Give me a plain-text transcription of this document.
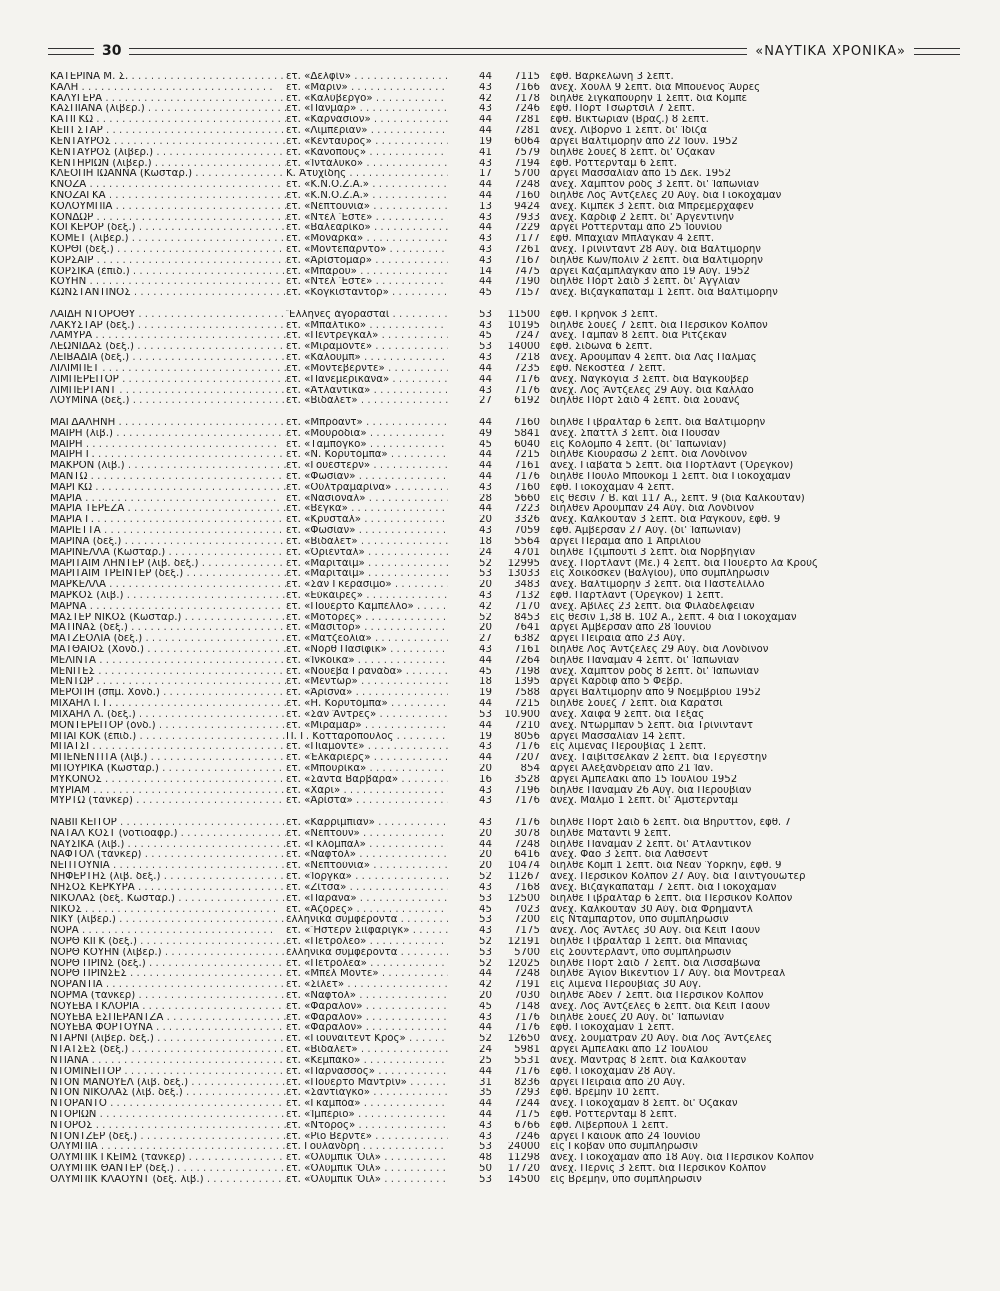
30	«ΝΑΥΤΙΚΑ ΧΡΟΝΙΚΑ»
ΚΑΤΕΡΙΝΑ Μ. Σ. . . .	ετ. «Δελφὶν» . . .	44	7115 ἐφθ. Βαρκελώνη 3 Σεπτ.
ΚΑΛΗ . . .	ετ. «Μάριν» . . .	43	7166 ἀνεχ. Χούλλ 9 Σεπτ. διὰ Μπουένος Ἄϋρες
ΚΑΛΥΓΕΡΑ . . .	ετ. «Καλύβεργο» . . .	42	7178 διῆλθε Σιγκαπούρην 1 Σεπτ. διὰ Κόμπε
ΚΑΣΠΙΑΝΑ (λιβερ.) . . .	ετ. «Πανμάρ» . . .	43	7246 ἐφθ. Πόρτ Τσώρτσιλ 7 Σεπτ.
ΚΑΤΙΓΚΩ . . .	ετ. «Καρνάσιον» . . .	44	7281 ἐφθ. Βικτώριαν (Βραζ.) 8 Σεπτ.
ΚΕΙΠ ΣΤΑΡ . . .	ετ. «Λιμπέριαν» . . .	44	7281 ἀνεχ. Λιβόρνο 1 Σεπτ. δι' Ἰδίζα
ΚΕΝΤΑΥΡΟΣ . . .	ετ. «Κένταυρος» . . .	19	6064 ἀργεῖ Βαλτιμόρην ἀπὸ 22 Ἰουν. 1952
ΚΕΝΤΑΥΡΟΣ (λιβερ.) . . .	ετ. «Κάνοπους» . . .	41	7579 διῆλθε Σουὲζ 8 Σεπτ. δι' Ὀζάκαν
ΚΕΝΤΗΡΙΩΝ (λιβερ.) . . .	ετ. «Ἰντάλυκο» . . .	43	7194 ἐφθ. Ρόττερνταμ 6 Σεπτ.
ΚΛΕΟΠΗ ΙΩΑΝΝΑ (Κωσταρ.) . . .	Κ. Ἀτυχίδης . . .	17	5700 ἀργεῖ Μασσαλίαν ἀπὸ 15 Δεκ. 1952
ΚΝΟΖΑ . . .	ετ. «Κ.Ν.Ο.Ζ.Α.» . . .	44	7248 ἀνεχ. Χάμπτον ρόδς 3 Σεπτ. δι' Ἰαπωνίαν
ΚΝΟΖΑΓΚΑ . . .	ετ. «Κ.Ν.Ο.Ζ.Α.» . . .	44	7160 διῆλθε Λὸς Ἄντζελες 20 Αὐγ. διὰ Γιοκοχάμαν
ΚΟΛΟΥΜΠΙΑ . . .	ετ. «Νέπτουνια» . . .	13	9424 ἀνεχ. Κιμπὲκ 3 Σεπτ. διὰ Μπρεμερχάφεν
ΚΟΝΔΩΡ . . .	ετ. «Ντὲλ Ἔστε» . . .	43	7933 ἀνεχ. Κάρδιφ 2 Σεπτ. δι' Ἀργεντινὴν
ΚΟΓΚΕΡΟΡ (δεξ.) . . .	ετ. «Βαλεαρίκο» . . .	44	7229 ἀργεῖ Ρόττερνταμ ἀπὸ 25 Ἰουνίου
ΚΟΜΕΤ (λιβερ.) . . .	ετ. «Μονάρκα» . . .	43	7177 ἐφθ. Μπάχιαν Μπλάγκαν 4 Σεπτ.
ΚΟΡΘΙ (δεξ.) . . .	ετ. «Μοντεπάρντο» . . .	43	7261 ἀνεχ. Τρίνινταντ 28 Αὐγ. διὰ Βαλτιμόρην
ΚΟΡΣΑΙΡ . . .	ετ. «Ἀρίστομαρ» . . .	43	7167 διῆλθε Κων/πολιν 2 Σεπτ. διὰ Βαλτιμόρην
ΚΟΡΣΙΚΑ (ἑπιδ.) . . .	ετ. «Μπάρου» . . .	14	7475 ἀργεῖ Καζαμπλάγκαν ἀπὸ 19 Αὐγ. 1952
ΚΟΥΗΝ . . .	ετ. «Ντὲλ Ἔστε» . . .	44	7190 διῆλθε Πὸρτ Σαῒδ 3 Σεπτ. δι' Ἀγγλίαν
ΚΩΝΣΤΑΝΤΙΝΟΣ . . .	ετ. «Κογκισταντὸρ» . . .	45	7157 ἀνεχ. Βιζαγκαπατὰμ 1 Σεπτ. διὰ Βαλτιμόρην
ΛΑΙΔΗ ΝΤΟΡΟΘΥ . . .	Ἕλληνες ἀγορασταὶ . . .	53	11500 ἐφθ. Γκρῆνοκ 3 Σεπτ.
ΛΑΚΥΣΤΑΡ (δεξ.) . . .	ετ. «Μπάλτικο» . . .	43	10195 διῆλθε Σουὲζ 7 Σεπτ. διὰ Περσικὸν Κόλπον
ΛΑΜΥΡΑ . . .	ετ. «Πέντρεγκαλ» . . .	45	7247 ἀνεχ. Τάμπαν 8 Σεπτ. διὰ Ρϊτζέκαν
ΛΕΩΝΙΔΑΣ (δεξ.) . . .	ετ. «Μιραμόντε» . . .	53	14000 ἐφθ. Σιδώνα 6 Σεπτ.
ΛΕΙΒΑΔΙΑ (δεξ.) . . .	ετ. «Κάλουμπ» . . .	43	7218 ἀνεχ. Ἀρούμπαν 4 Σεπτ. διὰ Λὰς Πάλμας
ΛΙΛΙΜΠΕΤ . . .	ετ. «Μοντεβέρντε» . . .	44	7235 ἐφθ. Νεκοστέα 7 Σεπτ.
ΛΙΜΠΕΡΕΙΤΟΡ . . .	ετ. «Πανεμερικάνα» . . .	44	7176 ἀνεχ. Ναγκόγια 3 Σεπτ. διὰ Βαγκούβερ
ΛΙΜΠΕΡΤΑΝΤ . . .	ετ. «Ἀτλάντικα» . . .	43	7176 ἀνεχ. Λὸς Ἄντζελες 29 Αὐγ. διὰ Καλλάο
ΛΟΥΜΙΝΑ (δεξ.) . . .	ετ. «Βιδάλετ» . . .	27	6192 διῆλθε Πὸρτ Σαῒδ 4 Σεπτ. διὰ Σουάνζ
ΜΑΓΔΑΛΗΝΗ . . .	ετ. «Μπρόαντ» . . .	44	7160 διῆλθε Γιβραλτὰρ 6 Σεπτ. διὰ Βαλτιμόρην
ΜΑΙΡΗ (λιβ.) . . .	ετ. «Μουρόδια» . . .	49	5841 ἀνεχ. Σπάττλ 3 Σεπτ. διὰ Πουσάν
ΜΑΙΡΗ . . .	ετ. «Ταμπόγκο» . . .	45	6040 εἰς Κολόμπο 4 Σεπτ. (δι' Ἰαπωνίαν)
ΜΑΙΡΗ Γ. . . .	ετ. «Ν. Κορυτόμπα» . . .	44	7215 διῆλθε Κιουρασὼ 2 Σεπτ. διὰ Λονδῖνον
ΜΑΚΡΟΝ (λιβ.) . . .	ετ. «Γουέστερν» . . .	44	7161 ἀνεχ. Γιαβάτα 5 Σεπτ. διὰ Πόρτλαντ (Ὄρεγκον)
ΜΑΝΤΩ . . .	ετ. «Φωσίαν» . . .	44	7176 διῆλθε Πούλο Μπούκομ 1 Σεπτ. διὰ Γιοκοχάμαν
ΜΑΡΓΚΩ . . .	ετ. «Οὐλτραμαρίνα» . . .	43	7160 ἐφθ. Γιοκοχάμαν 4 Σεπτ.
ΜΑΡΙΑ . . .	ετ. «Νάσιοναλ» . . .	28	5660 εἰς θέσιν 7 Β. καὶ 117 Α., Σεπτ. 9 (διὰ Καλκούταν)
ΜΑΡΙΑ ΤΕΡΕΖΑ . . .	ετ. «Βέγκα» . . .	44	7223 διῆλθεν Ἀρούμπαν 24 Αὐγ. διὰ Λονδῖνον
ΜΑΡΙΑ Γ. . . .	ετ. «Κρυστάλ» . . .	20	3326 ἀνεχ. Καλκούταν 3 Σεπτ. διὰ Ραγκοὺν, ἐφθ. 9
ΜΑΡΙΕΤΤΑ . . .	ετ. «Φωσίαν» . . .	43	7059 ἐφθ. Ἀμβέρσαν 27 Αὐγ. (δι' Ἰαπωνίαν)
ΜΑΡΙΝΑ (δεξ.) . . .	ετ. «Βιδάλετ» . . .	18	5564 ἀργεῖ Πέραμα ἀπὸ 1 Ἀπριλίου
ΜΑΡΙΝΕΛΛΑ (Κωσταρ.) . . .	ετ. «Ὀριένταλ» . . .	24	4701 διῆλθε Τζιμπουτὶ 3 Σεπτ. διὰ Νορβηγίαν
ΜΑΡΙΤΑΙΜ ΛΗΝΤΕΡ (λιβ. δεξ.) . . .	ετ. «Μαριτάιμ» . . .	52	12995 ἀνεχ. Πόρτλαντ (Με.) 4 Σεπτ. διὰ Πουέρτο λὰ Κρούζ
ΜΑΡΙΤΑΙΜ ΤΡΕΙΝΤΕΡ (δεξ.) . . .	ετ. «Μαριτάιμ» . . .	53	13033 εἰς Χοϊκόσκεν (Βαλγίου), ὑπὸ συμπλήρωσιν
ΜΑΡΚΕΛΛΑ . . .	ετ. «Σὰν Γκεράσιμο» . . .	20	3483 ἀνεχ. Βαλτιμόρην 3 Σεπτ. διὰ Παστελίλλο
ΜΑΡΚΟΣ (λιβ.) . . .	ετ. «Εὐκάιρες» . . .	43	7132 ἐφθ. Πάρτλαντ (Ὄρεγκον) 1 Σεπτ.
ΜΑΡΝΑ . . .	ετ. «Πουέρτο Καμπέλλο» . . .	42	7170 ἀνεχ. Ἀβίλες 23 Σεπτ. διὰ Φιλαδέλφειαν
ΜΑΣΤΕΡ ΝΙΚΟΣ (Κωσταρ.) . . .	ετ. «Μοτόρες» . . .	52	8453 εἰς θέσιν 1,38 Β. 102 Α., Σεπτ. 4 διὰ Γιοκοχάμαν
ΜΑΤΙΝΑΣ (δεξ.) . . .	ετ. «Μάσιτορ» . . .	20	7641 ἀργεῖ Ἀμβέρσαν ἀπὸ 28 Ἰουνίου
ΜΑΤΖΕΟΛΙΑ (δεξ.) . . .	ετ. «Ματζεόλια» . . .	27	6382 ἀργεῖ Πειραιᾶ ἀπὸ 23 Αὐγ.
ΜΑΤΘΑΙΟΣ (Χονδ.) . . .	ετ. «Νὸρθ Πασίφικ» . . .	43	7161 διῆλθε Λὸς Ἄντζελες 29 Αὐγ. διὰ Λονδῖνον
ΜΕΛΙΝΤΑ . . .	ετ. «Ἰνκόϊκα» . . .	44	7264 διῆλθε Παναμὰν 4 Σεπτ. δι' Ἰαπωνίαν
ΜΕΝΙΤΕΣ . . .	ετ. «Νουέβα Γρανάδα» . . .	45	7198 ἀνεχ. Χάμπτον ρόδς 8 Σεπτ. δι' Ἰαπωνίαν
ΜΕΝΤΩΡ . . .	ετ. «Μέντωρ» . . .	18	1395 ἀργεῖ Κάρδιφ ἀπὸ 5 Φεβρ.
ΜΕΡΟΠΗ (σπμ. Χονδ.) . . .	ετ. «Ἀρίσνα» . . .	19	7588 ἀργεῖ Βαλτιμόρην ἀπὸ 9 Νοεμβρίου 1952
ΜΙΧΑΗΛ Ι. Γ. . . .	ετ. «Η. Κορυτόμπα» . . .	44	7215 διῆλθε Σουὲζ 7 Σεπτ. διὰ Καράτσι
ΜΙΧΑΗΛ Λ. (δεξ.) . . .	ετ. «Σὰν Ἄντρες» . . .	53	10.900 ἀνεχ. Χαϊφὰ 9 Σεπτ. διὰ Τέξας
ΜΟΝΤΕΡΕΙΤΟΡ (ὁνδ.) . . .	ετ. «Μιραμάρ» . . .	44	7210 ἀνεχ. Ντώρμπαν 5 Σεπτ. διὰ Τρίνινταντ
ΜΠΑΓΚΟΚ (ἑπιδ.) . . .	Π. Γ. Κοτταρόπουλος . . .	19	8056 ἀργεῖ Μασσαλίαν 14 Σεπτ.
ΜΠΑΤΣΙ . . .	ετ. «Πιαμόντε» . . .	43	7176 εἰς λιμένας Περουβίας 1 Σεπτ.
ΜΠΕΝΕΝΤΙΤΑ (λιβ.) . . .	ετ. «Ἐλκάριερς» . . .	44	7207 ἀνεχ. Ταϊβιτσέλκαν 2 Σεπτ. διὰ Τεργέστην
ΜΠΟΥΡΙΚΑ (Κωσταρ.) . . .	ετ. «Μπουρίκα» . . .	20	854 ἀργεῖ Ἀλεξάνδρειαν ἀπὸ 21 Ἰαν.
ΜΥΚΟΝΟΣ . . .	ετ. «Σάντα Βαρβάρα» . . .	16	3528 ἀργεῖ Ἀμπελάκι ἀπὸ 15 Ἰουλίου 1952
ΜΥΡΙΑΜ . . .	ετ. «Χάρι» . . .	43	7196 διῆλθε Παναμὰν 26 Αὐγ. διὰ Περουβίαν
ΜΥΡΤΩ (τάνκερ) . . .	ετ. «Ἀρίστα» . . .	43	7176 ἀνεχ. Μάλμο 1 Σεπτ. δι' Ἄμστερνταμ
ΝΑΒΙΓΚΕΙΤΟΡ . . .	ετ. «Καρριμπιαν» . . .	43	7176 διῆλθε Πὸρτ Σαῒδ 6 Σεπτ. διὰ Βηρυττόν, ἐφθ. 7
ΝΑΤΑΛ ΚΟΣΤ (νοτιοαφρ.) . . .	ετ. «Νέπτουν» . . .	20	3078 διῆλθε Ματάντι 9 Σεπτ.
ΝΑΥΣΙΚΑ (λιβ.) . . .	ετ. «Γκλόμπαλ» . . .	44	7248 διῆλθε Παναμὰν 2 Σεπτ. δι' Ἀτλαντικὸν
ΝΑΦΤΟΛ (τάνκερ) . . .	ετ. «Ναφτόλ» . . .	20	6416 ἀνεχ. Φάο 3 Σεπτ. διὰ Λάθσεντ
ΝΕΠΤΟΥΝΙΑ . . .	ετ. «Νεπτούνια» . . .	20	10474 διῆλθε Κόμπ 1 Σεπτ. διὰ Νέαν Ὑόρκην, ἐφθ. 9
ΝΗΦΕΡΤΗΣ (λιβ. δεξ.) . . .	ετ. «Ἰόργκα» . . .	52	11267 ἀνεχ. Περσικὸν Κόλπον 27 Αὐγ. διὰ Ταϊντγουώτερ
ΝΗΣΟΣ ΚΕΡΚΥΡΑ . . .	ετ. «Ζίτσα» . . .	43	7168 ἀνεχ. Βιζαγκαπατὰμ 7 Σεπτ. διὰ Γιοκοχάμαν
ΝΙΚΟΛΑΣ (δεξ. Κωσταρ.) . . .	ετ. «Παράνα» . . .	53	12500 διῆλθε Γιβραλτὰρ 6 Σεπτ. διὰ Περσικὸν Κόλπον
ΝΙΚΟΣ . . .	ετ. «Ἀζόρες» . . .	45	7023 ἀνεχ. Καλκούταν 30 Αὐγ. διὰ Φρῆμαντλ
ΝΙΚΥ (λιβερ.) . . .	ἑλληνικὰ συμφέροντα . . .	53	7200 εἰς Ντάμπαρτον, ὑπὸ συμπλήρωσιν
ΝΟΡΑ . . .	ετ. «Ἥστερν Σϊίφαριγκ» . . .	43	7175 ἀνεχ. Λὸς Ἄντλες 30 Αὐγ. διὰ Κέϊπ Τάουν
ΝΟΡΘ ΚΙΓΚ (δεξ.) . . .	ετ. «Πετρόλεο» . . .	52	12191 διῆλθε Γιβραλτὰρ 1 Σεπτ. διὰ Μπάνιας
ΝΟΡΘ ΚΟΥΗΝ (λιβερ.) . . .	ἑλληνικὰ συμφέροντα . . .	53	5700 εἰς Σούντερλαντ, ὑπὸ συμπλήρωσιν
ΝΟΡΘ ΠΡΙΝΣ (δεξ.) . . .	ετ. «Πετρόλεα» . . .	52	12025 διῆλθε Πὸρτ Σαῒδ 7 Σεπτ. διὰ Λισσαβῶνα
ΝΟΡΘ ΠΡΙΝΣΕΣ . . .	ετ. «Μπὲλ Μόντε» . . .	44	7248 διῆλθε Ἅγιον Βικέντιον 17 Αὐγ. διὰ Μόντρεαλ
ΝΟΡΑΝΤΙΑ . . .	ετ. «Σίλετ» . . .	42	7191 εἰς λιμένα Περουβίας 30 Αὐγ.
ΝΟΡΜΑ (τάνκερ) . . .	ετ. «Ναφτόλ» . . .	20	7030 διῆλθε Ἄδεν 7 Σεπτ. διὰ Περσικὸν Κόλπον
ΝΟΥΕΒΑ ΓΚΛΟΡΙΑ . . .	ετ. «Φάραλον» . . .	45	7148 ἀνεχ. Λὸς Ἄντζελες 6 Σεπτ. διὰ Κέϊπ Τάουν
ΝΟΥΕΒΑ ΕΣΠΕΡΑΝΤΖΑ . . .	ετ. «Φάραλον» . . .	43	7176 διῆλθε Σουὲζ 20 Αὐγ. δι' Ἰαπωνίαν
ΝΟΥΕΒΑ ΦΟΡΤΟΥΝΑ . . .	ετ. «Φάραλον» . . .	44	7176 ἐφθ. Γιοκοχάμαν 1 Σεπτ.
ΝΤΑΡΝΙ (λιβερ. δεξ.) . . .	ετ. «Γιουνάϊτεντ Κρὸς» . . .	52	12650 ἀνεχ. Σουμάτραν 20 Αὐγ. διὰ Λὸς Ἄντζελες
ΝΤΑΤΣΕΣ (δεξ.) . . .	ετ. «Βιδάλετ» . . .	24	5981 ἀργεῖ Ἀμπελάκι ἀπὸ 12 Ἰουλίου
ΝΤΙΑΝΑ . . .	ετ. «Κεμπάκο» . . .	25	5531 ἀνεχ. Μαντρὰς 8 Σεπτ. διὰ Καλκούταν
ΝΤΟΜΙΝΕΙΤΟΡ . . .	ετ. «Παρνασσὸς» . . .	44	7176 ἐφθ. Γιοκοχάμαν 28 Αὐγ.
ΝΤΟΝ ΜΑΝΟΥΕΛ (λιβ. δεξ.) . . .	ετ. «Πουέρτο Μαντρὶν» . . .	31	8236 ἀργεῖ Πειραιᾶ ἀπὸ 20 Αὐγ.
ΝΤΟΝ ΝΙΚΟΛΑΣ (λιβ. δεξ.) . . .	ετ. «Σαντιάγκο» . . .	35	7293 ἐφθ. Βρέμην 10 Σεπτ.
ΝΤΟΡΑΝΤΟ . . .	ετ. «Γκαμπόα» . . .	44	7244 ἀνεχ. Γιοκοχάμαν 8 Σεπτ. δι' Ὀζάκαν
ΝΤΟΡΙΩΝ . . .	ετ. «Ἰμπέριο» . . .	44	7175 ἐφθ. Ρόττερνταμ 8 Σεπτ.
ΝΤΟΡΟΣ . . .	ετ. «Ντόρος» . . .	43	6766 ἐφθ. Λίβερπουλ 1 Σεπτ.
ΝΤΟΝΤΖΕΡ (δεξ.) . . .	ετ. «Ρίο Βέρντε» . . .	43	7246 ἀργεῖ Γκάϊουκ ἀπὸ 24 Ἰουνίου
ΟΛΥΜΠΙΑ . . .	ετ. Γουλανδρὴ . . .	53	24000 εἰς Γκόβαν ὑπὸ συμπλήρωσιν
ΟΛΥΜΠΙΚ ΓΚΕΙΜΣ (τάνκερ) . . .	ετ. «Ὀλύμπικ Ὄϊλ» . . .	48	11298 ἀνεχ. Γιοκοχάμαν ἀπὸ 18 Αὐγ. διὰ Περσικὸν Κόλπον
ΟΛΥΜΠΙΚ ΘΑΝΤΕΡ (δεξ.) . . .	ετ. «Ὀλύμπικ Ὄϊλ» . . .	50	17720 ἀνεχ. Πέρνις 3 Σεπτ. διὰ Περσικὸν Κόλπον
ΟΛΥΜΠΙΚ ΚΛΑΟΥΝΤ (δεξ. λιβ.) . . .	ετ. «Ὀλύμπικ Ὄϊλ» . . .	53	14500 εἰς Βρέμην, ὑπὸ συμπλήρωσιν
